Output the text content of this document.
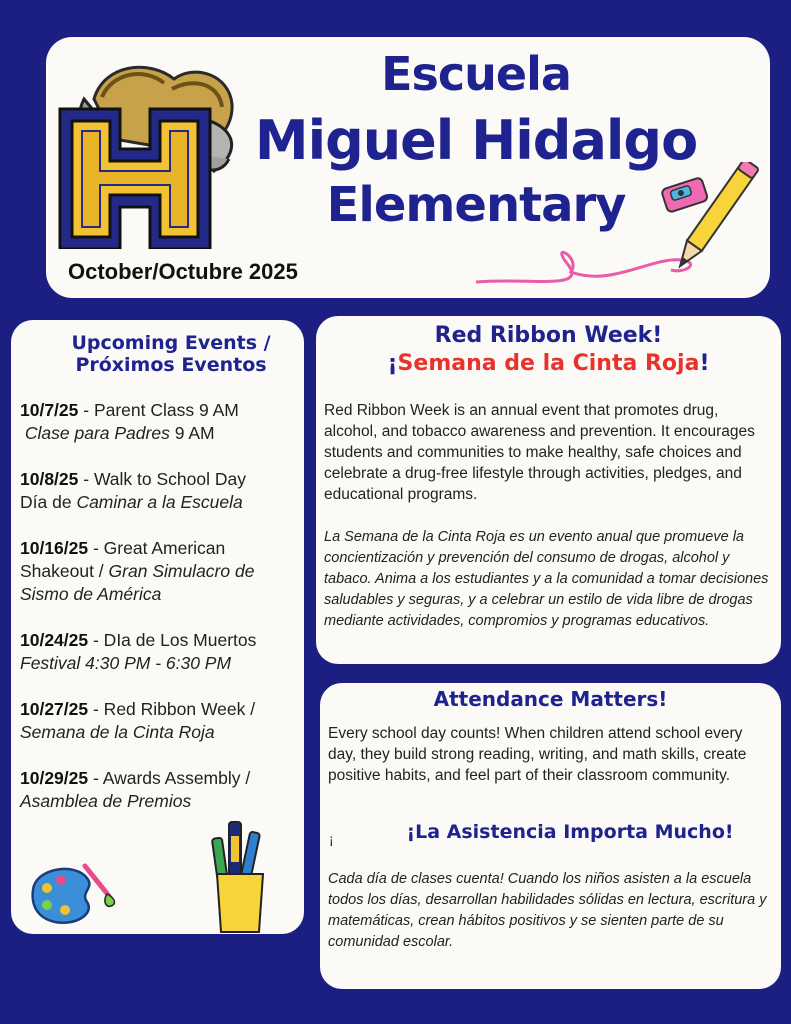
Escuela
Miguel Hidalgo
Elementary
October/Octubre 2025
Upcoming Events /
Próximos Eventos
10/7/25 - Parent Class 9 AM
Clase para Padres 9 AM
10/8/25 - Walk to School Day
Día de Caminar a la Escuela
10/16/25 - Great American Shakeout / Gran Simulacro de Sismo de América
10/24/25 - DIa de Los Muertos
Festival 4:30 PM - 6:30 PM
10/27/25 - Red Ribbon Week /
Semana de la Cinta Roja
10/29/25 - Awards Assembly /
Asamblea de Premios
Red Ribbon Week!
¡Semana de la Cinta Roja!
Red Ribbon Week is an annual event that promotes drug, alcohol, and tobacco awareness and prevention. It encourages students and communities to make healthy, safe choices and celebrate a drug-free lifestyle through activities, pledges, and educational programs.
La Semana de la Cinta Roja es un evento anual que promueve la concientización y prevención del consumo de drogas, alcohol y tabaco. Anima a los estudiantes y a la comunidad a tomar decisiones saludables y seguras, y a celebrar un estilo de vida libre de drogas mediante actividades, compromios y programas educativos.
Attendance Matters!
Every school day counts! When children attend school every day, they build strong reading, writing, and math skills, create positive habits, and feel part of their classroom community.
¡	¡La Asistencia Importa Mucho!
Cada día de clases cuenta! Cuando los niños asisten a la escuela todos los días, desarrollan habilidades sólidas en lectura, escritura y matemáticas, crean hábitos positivos y se sienten parte de su comunidad escolar.
